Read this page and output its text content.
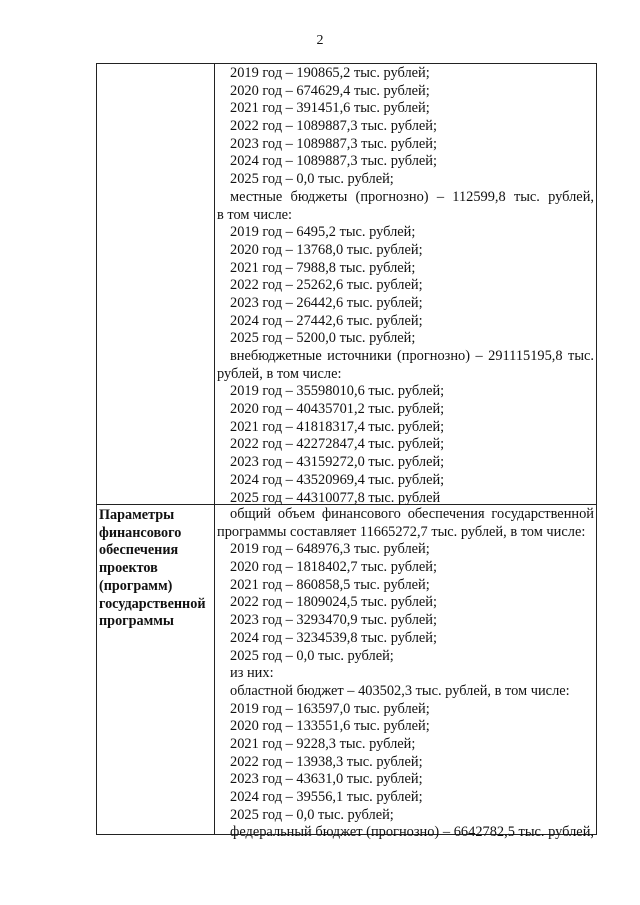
2
2019 год – 190865,2 тыс. рублей;
2020 год – 674629,4 тыс. рублей;
2021 год – 391451,6 тыс. рублей;
2022 год – 1089887,3 тыс. рублей;
2023 год – 1089887,3 тыс. рублей;
2024 год – 1089887,3 тыс. рублей;
2025 год – 0,0 тыс. рублей;
местные бюджеты (прогнозно) – 112599,8 тыс. рублей,
в том числе:
2019 год – 6495,2 тыс. рублей;
2020 год – 13768,0 тыс. рублей;
2021 год – 7988,8 тыс. рублей;
2022 год – 25262,6 тыс. рублей;
2023 год – 26442,6 тыс. рублей;
2024 год – 27442,6 тыс. рублей;
2025 год – 5200,0 тыс. рублей;
внебюджетные источники (прогнозно) – 291115195,8 тыс.
рублей, в том числе:
2019 год – 35598010,6 тыс. рублей;
2020 год – 40435701,2 тыс. рублей;
2021 год – 41818317,4 тыс. рублей;
2022 год – 42272847,4 тыс. рублей;
2023 год – 43159272,0 тыс. рублей;
2024 год – 43520969,4 тыс. рублей;
2025 год – 44310077,8 тыс. рублей
Параметры
финансового
обеспечения
проектов
(программ)
государственной
программы
общий объем финансового обеспечения государственной
программы составляет 11665272,7 тыс. рублей, в том числе:
2019 год – 648976,3 тыс. рублей;
2020 год – 1818402,7 тыс. рублей;
2021 год – 860858,5 тыс. рублей;
2022 год – 1809024,5 тыс. рублей;
2023 год – 3293470,9 тыс. рублей;
2024 год – 3234539,8 тыс. рублей;
2025 год – 0,0 тыс. рублей;
из них:
областной бюджет – 403502,3 тыс. рублей, в том числе:
2019 год – 163597,0 тыс. рублей;
2020 год – 133551,6 тыс. рублей;
2021 год – 9228,3 тыс. рублей;
2022 год – 13938,3 тыс. рублей;
2023 год – 43631,0 тыс. рублей;
2024 год – 39556,1 тыс. рублей;
2025 год – 0,0 тыс. рублей;
федеральный бюджет (прогнозно) – 6642782,5 тыс. рублей,
